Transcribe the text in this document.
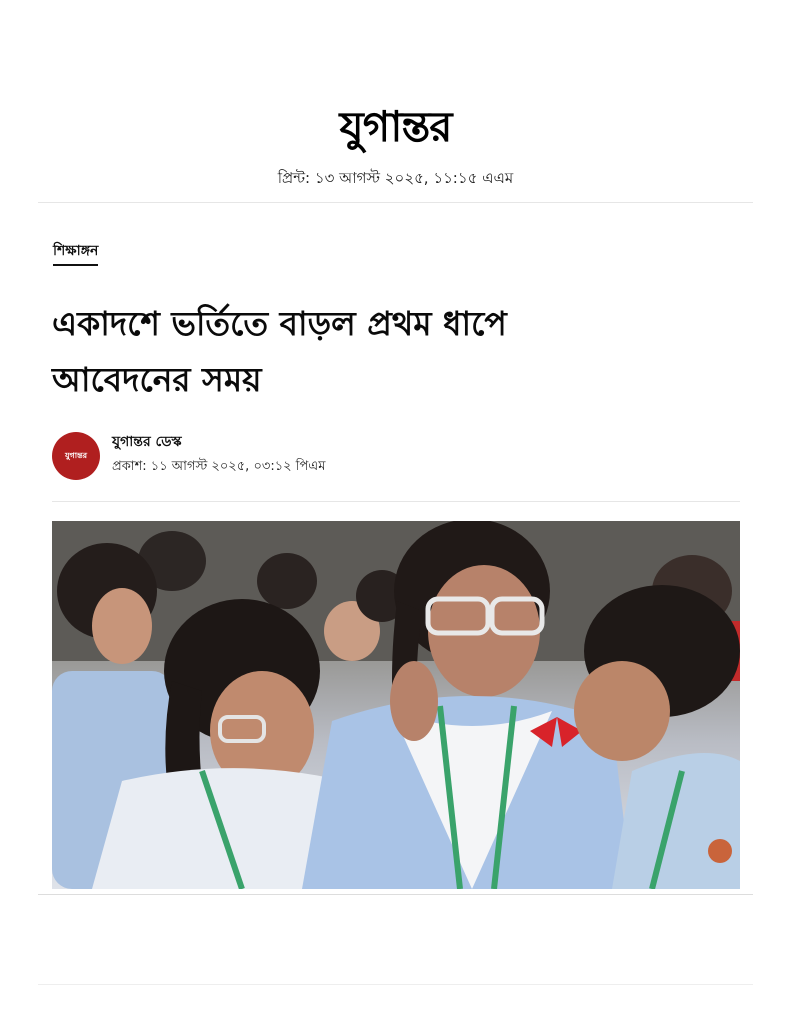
যুগান্তর
প্রিন্ট: ১৩ আগস্ট ২০২৫, ১১:১৫ এএম
শিক্ষাঙ্গন
একাদশে ভর্তিতে বাড়ল প্রথম ধাপে
আবেদনের সময়
যুগান্তর
যুগান্তর ডেস্ক
প্রকাশ: ১১ আগস্ট ২০২৫, ০৩:১২ পিএম
